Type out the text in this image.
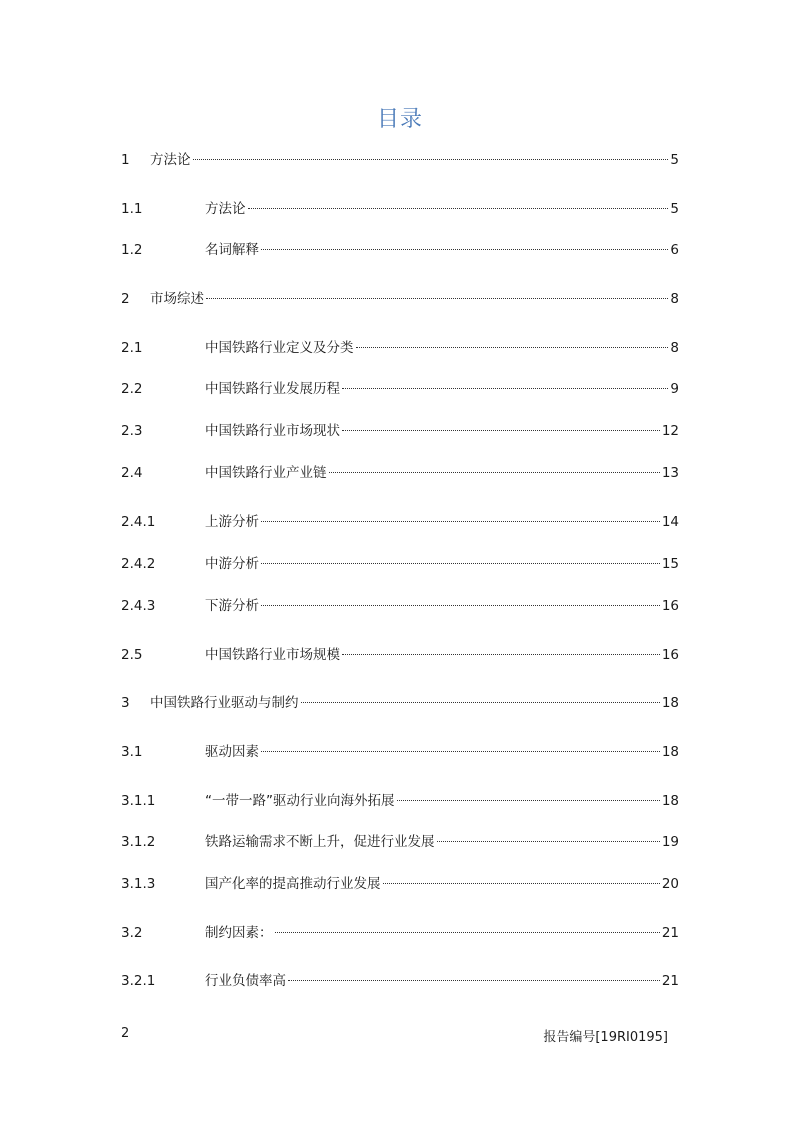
目录
1	方法论	5
1.1	方法论	5
1.2	名词解释	6
2	市场综述	8
2.1	中国铁路行业定义及分类	8
2.2	中国铁路行业发展历程	9
2.3	中国铁路行业市场现状	12
2.4	中国铁路行业产业链	13
2.4.1	上游分析	14
2.4.2	中游分析	15
2.4.3	下游分析	16
2.5	中国铁路行业市场规模	16
3	中国铁路行业驱动与制约	18
3.1	驱动因素	18
3.1.1	“一带一路”驱动行业向海外拓展	18
3.1.2	铁路运输需求不断上升，促进行业发展	19
3.1.3	国产化率的提高推动行业发展	20
3.2	制约因素：	21
3.2.1	行业负债率高	21
2	报告编号[19RI0195]
